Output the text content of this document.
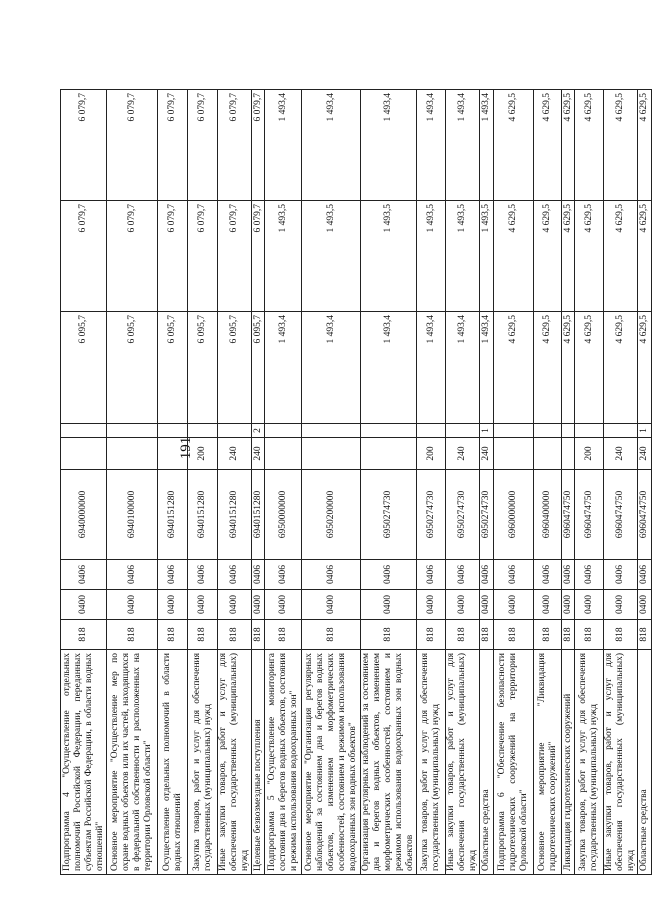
191
Подпрограмма 4 "Осуществление отдельных полномочий Российской Федерации, переданных субъектам Российской Федерации, в области водных отношений"	818	0400	0406	6940000000			6 095,7	6 079,7	6 079,7
Основное мероприятие "Осуществление мер по охране водных объектов или их частей, находящихся в федеральной собственности и расположенных на территории Орловской области"	818	0400	0406	6940100000			6 095,7	6 079,7	6 079,7
Осуществление отдельных полномочий в области водных отношений	818	0400	0406	6940151280			6 095,7	6 079,7	6 079,7
Закупка товаров, работ и услуг для обеспечения государственных (муниципальных) нужд	818	0400	0406	6940151280	200		6 095,7	6 079,7	6 079,7
Иные закупки товаров, работ и услуг для обеспечения государственных (муниципальных) нужд	818	0400	0406	6940151280	240		6 095,7	6 079,7	6 079,7
Целевые безвозмездные поступления	818	0400	0406	6940151280	240	2	6 095,7	6 079,7	6 079,7
Подпрограмма 5 "Осуществление мониторинга состояния дна и берегов водных объектов, состояния и режима использования водоохранных зон"	818	0400	0406	6950000000			1 493,4	1 493,5	1 493,4
Основное мероприятие "Организация регулярных наблюдений за состоянием дна и берегов водных объектов, изменением морфометрических особенностей, состоянием и режимом использования водоохранных зон водных объектов"	818	0400	0406	6950200000			1 493,4	1 493,5	1 493,4
Организация регулярных наблюдений за состоянием дна и берегов водных объектов, изменением морфометрических особенностей, состоянием и режимом использования водоохранных зон водных объектов	818	0400	0406	6950274730			1 493,4	1 493,5	1 493,4
Закупка товаров, работ и услуг для обеспечения государственных (муниципальных) нужд	818	0400	0406	6950274730	200		1 493,4	1 493,5	1 493,4
Иные закупки товаров, работ и услуг для обеспечения государственных (муниципальных) нужд	818	0400	0406	6950274730	240		1 493,4	1 493,5	1 493,4
Областные средства	818	0400	0406	6950274730	240	1	1 493,4	1 493,5	1 493,4
Подпрограмма 6 "Обеспечение безопасности гидротехнических сооружений на территории Орловской области"	818	0400	0406	6960000000			4 629,5	4 629,5	4 629,5
Основное мероприятие "Ликвидация гидротехнических сооружений"	818	0400	0406	6960400000			4 629,5	4 629,5	4 629,5
Ликвидация гидротехнических сооружений	818	0400	0406	6960474750			4 629,5	4 629,5	4 629,5
Закупка товаров, работ и услуг для обеспечения государственных (муниципальных) нужд	818	0400	0406	6960474750	200		4 629,5	4 629,5	4 629,5
Иные закупки товаров, работ и услуг для обеспечения государственных (муниципальных) нужд	818	0400	0406	6960474750	240		4 629,5	4 629,5	4 629,5
Областные средства	818	0400	0406	6960474750	240	1	4 629,5	4 629,5	4 629,5
